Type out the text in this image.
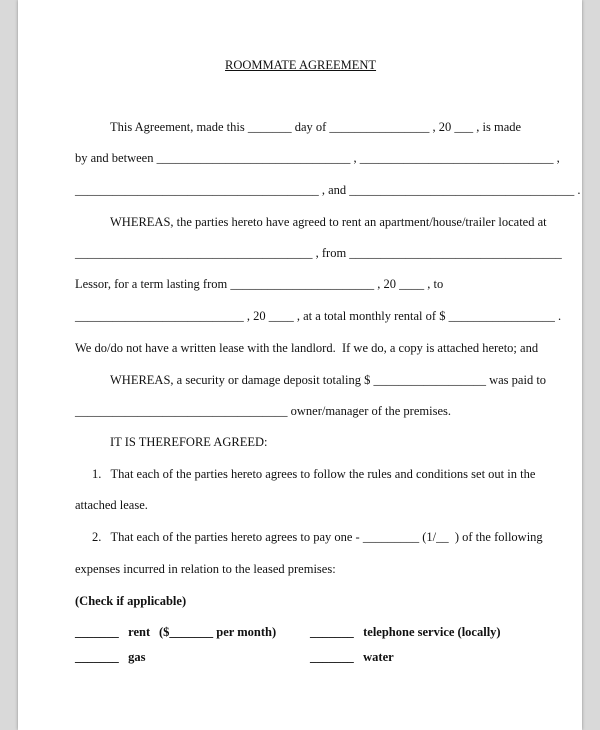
ROOMMATE AGREEMENT
This Agreement, made this _______ day of ________________ , 20 ___ , is made
by and between _______________________________ , _______________________________ ,
_______________________________________ , and ____________________________________ .
WHEREAS, the parties hereto have agreed to rent an apartment/house/trailer located at
______________________________________ , from __________________________________
Lessor, for a term lasting from _______________________ , 20 ____ , to
___________________________ , 20 ____ , at a total monthly rental of $ _________________ .
We do/do not have a written lease with the landlord.  If we do, a copy is attached hereto; and
WHEREAS, a security or damage deposit totaling $ __________________ was paid to
__________________________________ owner/manager of the premises.
IT IS THEREFORE AGREED:
1.   That each of the parties hereto agrees to follow the rules and conditions set out in the
attached lease.
2.   That each of the parties hereto agrees to pay one - _________ (1/__  ) of the following
expenses incurred in relation to the leased premises:
(Check if applicable)
_______   rent ($_______ per month)	_______   telephone service (locally)
_______   gas	_______   water
